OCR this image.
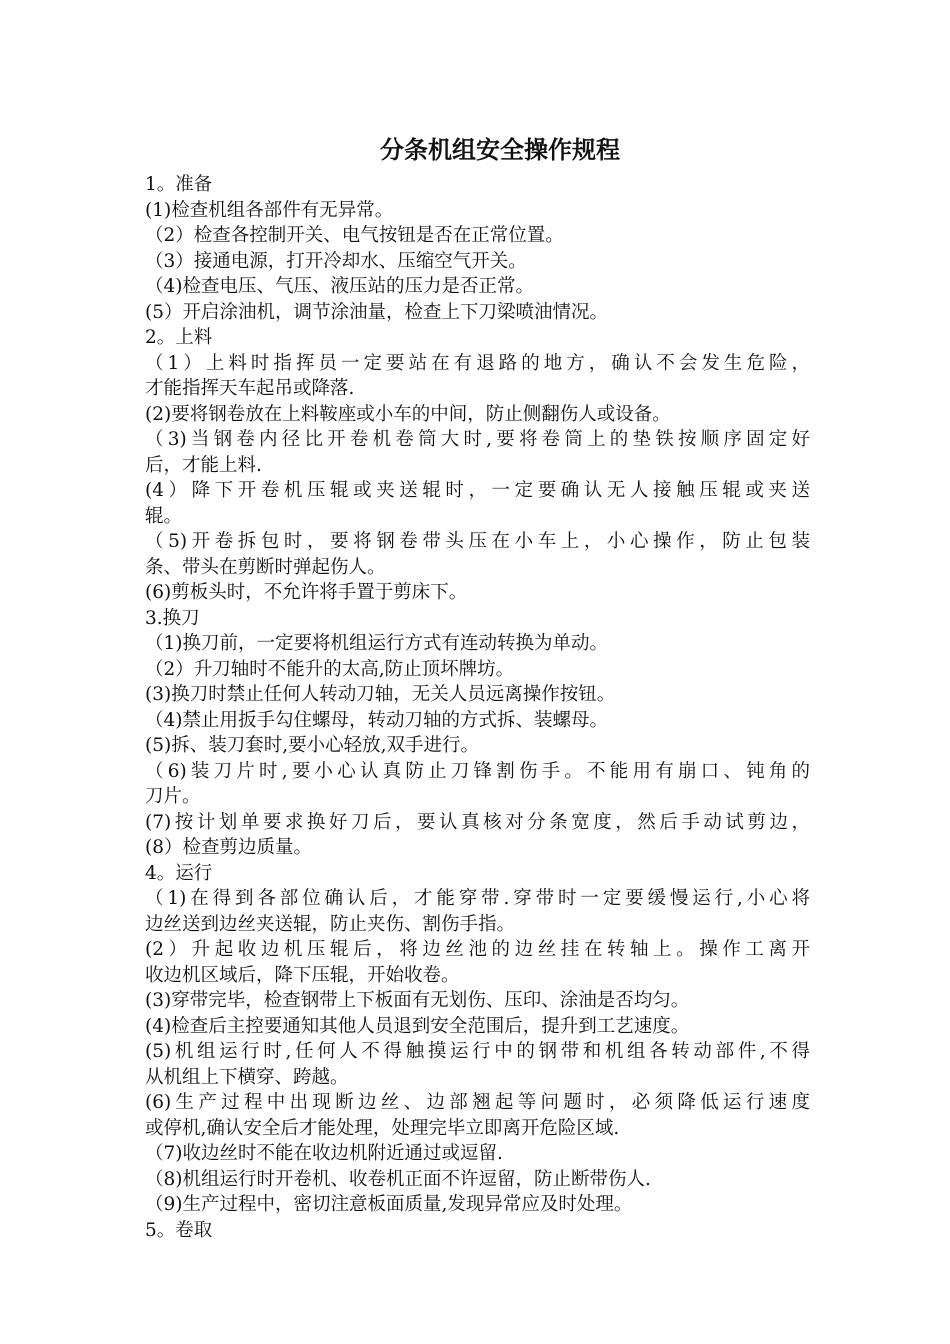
分条机组安全操作规程
1。准备
(1)检查机组各部件有无异常。
（2）检查各控制开关、电气按钮是否在正常位置。
（3）接通电源，打开冷却水、压缩空气开关。
（4)检查电压、气压、液压站的压力是否正常。
(5）开启涂油机，调节涂油量，检查上下刀梁喷油情况。
2。上料
（1）上料时指挥员一定要站在有退路的地方，确认不会发生危险，
才能指挥天车起吊或降落.
(2)要将钢卷放在上料鞍座或小车的中间，防止侧翻伤人或设备。
（3)当钢卷内径比开卷机卷筒大时,要将卷筒上的垫铁按顺序固定好
后，才能上料.
(4）降下开卷机压辊或夹送辊时，一定要确认无人接触压辊或夹送
辊。
（5)开卷拆包时，要将钢卷带头压在小车上，小心操作，防止包装
条、带头在剪断时弹起伤人。
(6)剪板头时，不允许将手置于剪床下。
3.换刀
（1)换刀前，一定要将机组运行方式有连动转换为单动。
（2）升刀轴时不能升的太高,防止顶坏牌坊。
(3)换刀时禁止任何人转动刀轴，无关人员远离操作按钮。
（4)禁止用扳手勾住螺母，转动刀轴的方式拆、装螺母。
(5)拆、装刀套时,要小心轻放,双手进行。
（6)装刀片时,要小心认真防止刀锋割伤手。不能用有崩口、钝角的
刀片。
(7)按计划单要求换好刀后，要认真核对分条宽度，然后手动试剪边，
(8）检查剪边质量。
4。运行
（1)在得到各部位确认后，才能穿带.穿带时一定要缓慢运行,小心将
边丝送到边丝夹送辊，防止夹伤、割伤手指。
(2）升起收边机压辊后，将边丝池的边丝挂在转轴上。操作工离开
收边机区域后，降下压辊，开始收卷。
(3)穿带完毕，检查钢带上下板面有无划伤、压印、涂油是否均匀。
(4)检查后主控要通知其他人员退到安全范围后，提升到工艺速度。
(5)机组运行时,任何人不得触摸运行中的钢带和机组各转动部件,不得
从机组上下横穿、跨越。
(6)生产过程中出现断边丝、边部翘起等问题时，必须降低运行速度
或停机,确认安全后才能处理，处理完毕立即离开危险区域.
（7)收边丝时不能在收边机附近通过或逗留.
（8)机组运行时开卷机、收卷机正面不许逗留，防止断带伤人.
（9)生产过程中，密切注意板面质量,发现异常应及时处理。
5。卷取
